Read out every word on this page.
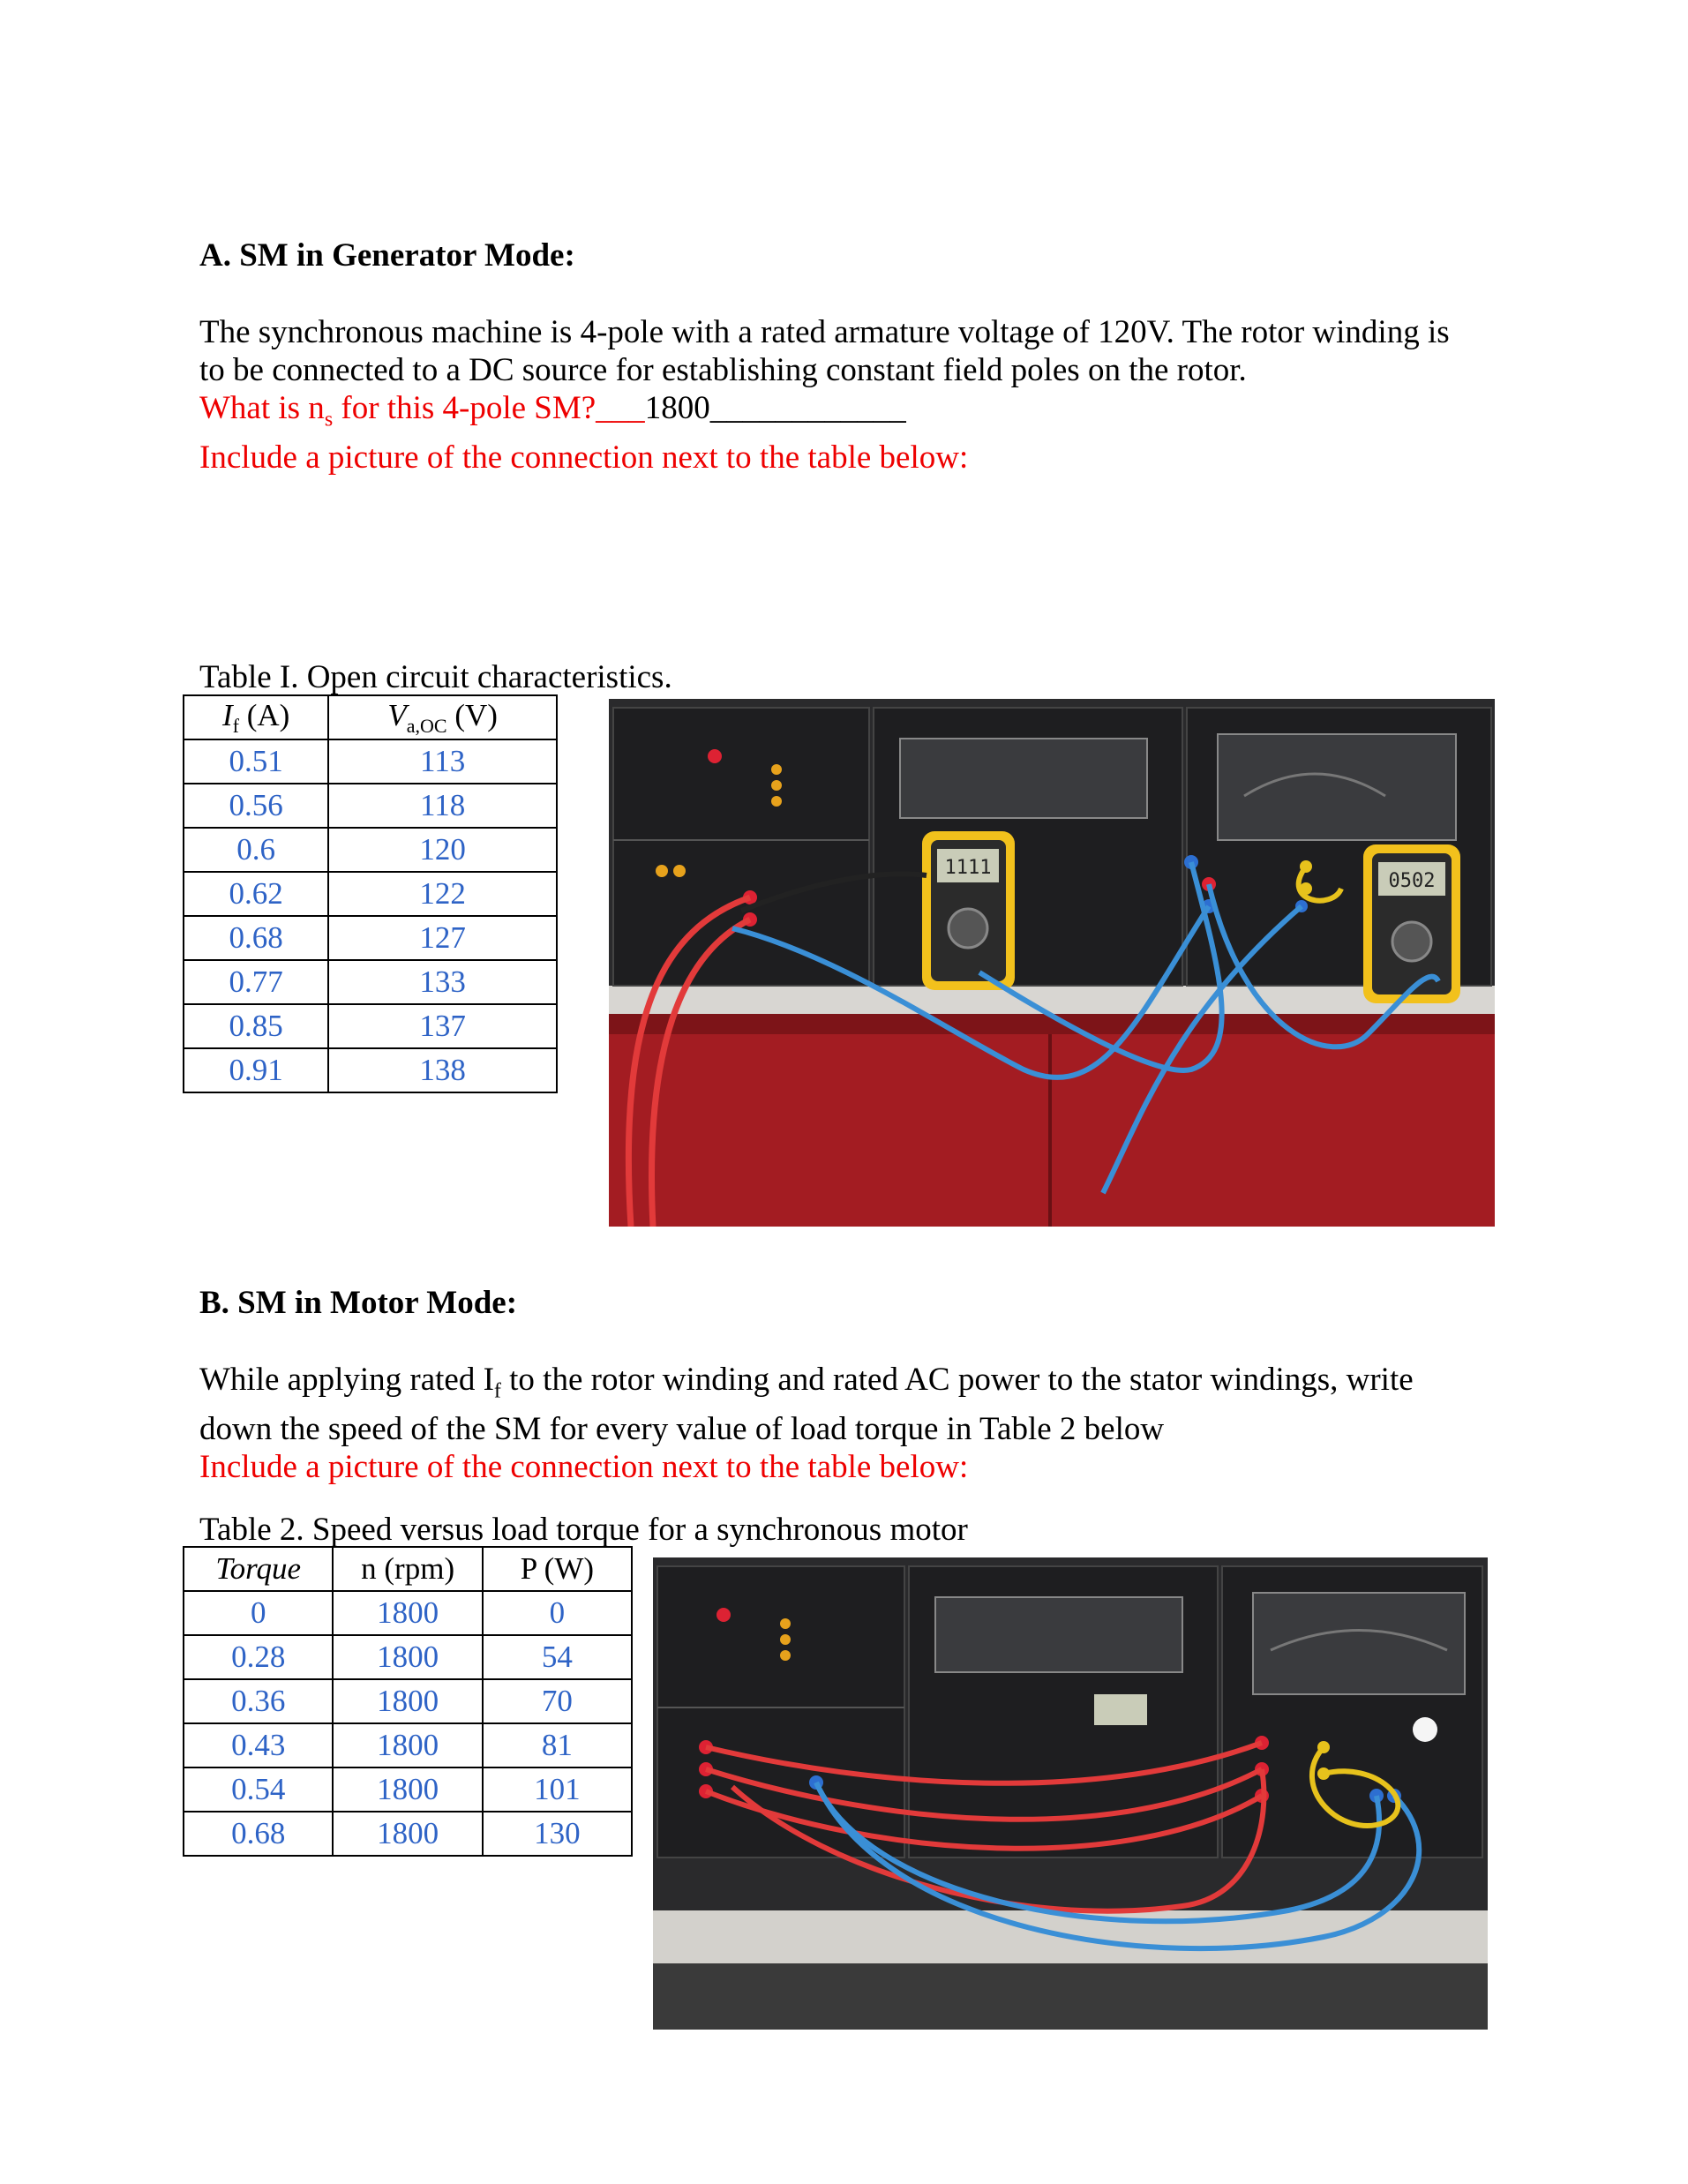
A. SM in Generator Mode:
The synchronous machine is 4-pole with a rated armature voltage of 120V. The rotor winding is
to be connected to a DC source for establishing constant field poles on the rotor.
What is $n_s$ for this 4-pole SM?___1800____________
Include a picture of the connection next to the table below:
Table I. Open circuit characteristics.
$I_f$ (A)	$V_{a,OC}$ (V)
0.51	113
0.56	118
0.6	120
0.62	122
0.68	127
0.77	133
0.85	137
0.91	138
1111
0502
B. SM in Motor Mode:
While applying rated $I_f$ to the rotor winding and rated AC power to the stator windings, write
down the speed of the SM for every value of load torque in Table 2 below
Include a picture of the connection next to the table below:
Table 2. Speed versus load torque for a synchronous motor
Torque	n (rpm)	P (W)
0	1800	0
0.28	1800	54
0.36	1800	70
0.43	1800	81
0.54	1800	101
0.68	1800	130
